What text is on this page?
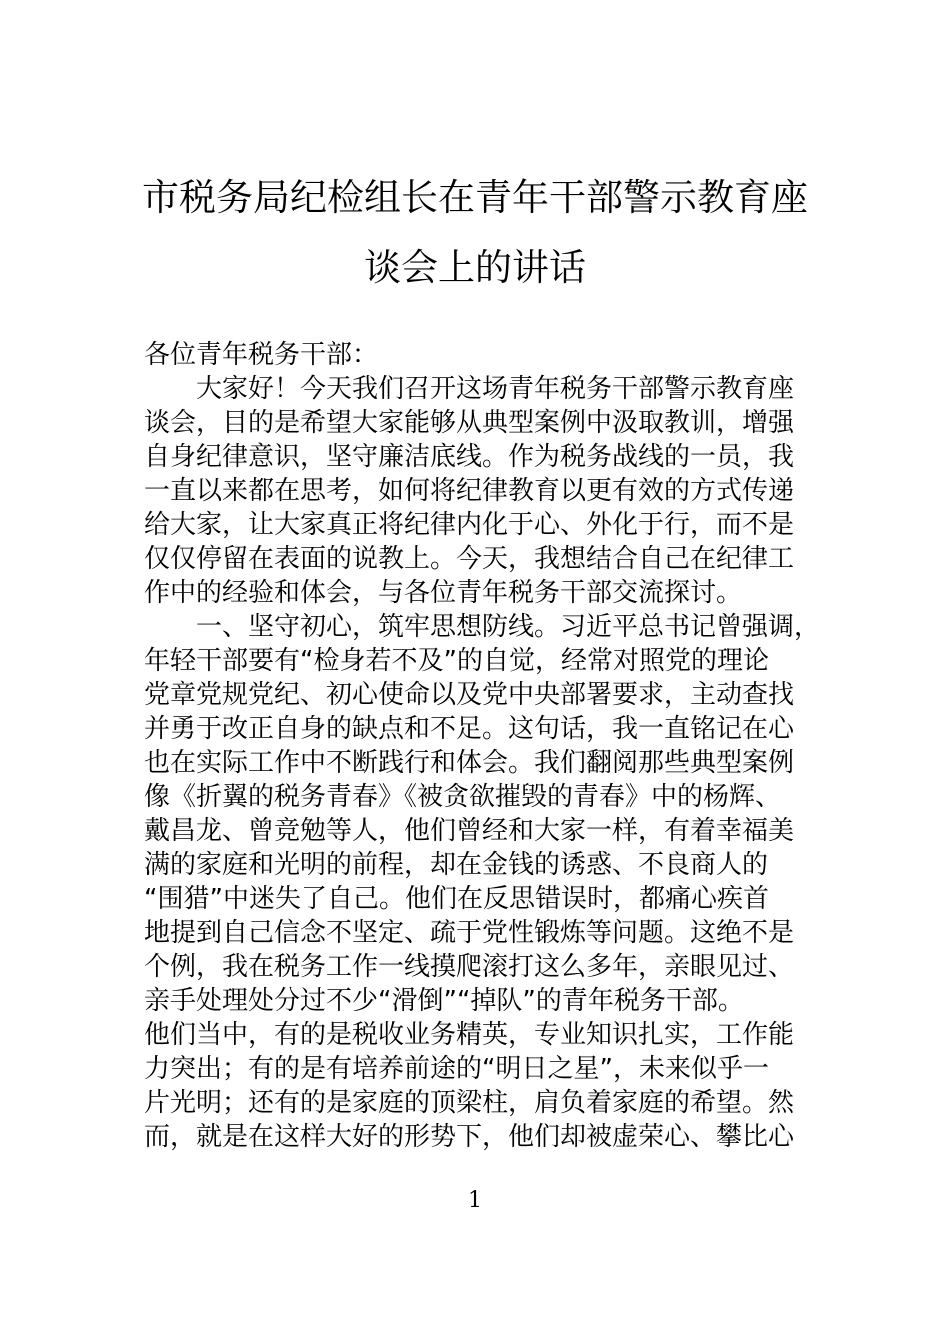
市税务局纪检组长在青年干部警示教育座
谈会上的讲话
各位青年税务干部：
大家好！今天我们召开这场青年税务干部警示教育座
谈会，目的是希望大家能够从典型案例中汲取教训，增强
自身纪律意识，坚守廉洁底线。作为税务战线的一员，我
一直以来都在思考，如何将纪律教育以更有效的方式传递
给大家，让大家真正将纪律内化于心、外化于行，而不是
仅仅停留在表面的说教上。今天，我想结合自己在纪律工
作中的经验和体会，与各位青年税务干部交流探讨。
一、坚守初心，筑牢思想防线。习近平总书记曾强调，
年轻干部要有“检身若不及”的自觉，经常对照党的理论
党章党规党纪、初心使命以及党中央部署要求，主动查找
并勇于改正自身的缺点和不足。这句话，我一直铭记在心
也在实际工作中不断践行和体会。我们翻阅那些典型案例
像《折翼的税务青春》《被贪欲摧毁的青春》中的杨辉、
戴昌龙、曾竞勉等人，他们曾经和大家一样，有着幸福美
满的家庭和光明的前程，却在金钱的诱惑、不良商人的
“围猎”中迷失了自己。他们在反思错误时，都痛心疾首
地提到自己信念不坚定、疏于党性锻炼等问题。这绝不是
个例，我在税务工作一线摸爬滚打这么多年，亲眼见过、
亲手处理处分过不少“滑倒”“掉队”的青年税务干部。
他们当中，有的是税收业务精英，专业知识扎实，工作能
力突出；有的是有培养前途的“明日之星”，未来似乎一
片光明；还有的是家庭的顶梁柱，肩负着家庭的希望。然
而，就是在这样大好的形势下，他们却被虚荣心、攀比心
1
